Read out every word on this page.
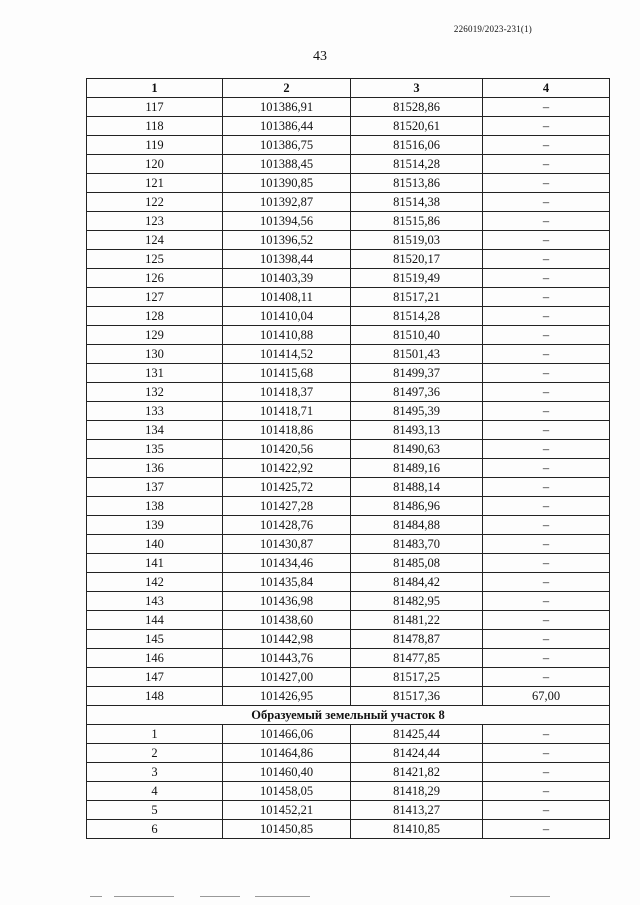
226019/2023-231(1)
43
1	2	3	4
117	101386,91	81528,86	–
118	101386,44	81520,61	–
119	101386,75	81516,06	–
120	101388,45	81514,28	–
121	101390,85	81513,86	–
122	101392,87	81514,38	–
123	101394,56	81515,86	–
124	101396,52	81519,03	–
125	101398,44	81520,17	–
126	101403,39	81519,49	–
127	101408,11	81517,21	–
128	101410,04	81514,28	–
129	101410,88	81510,40	–
130	101414,52	81501,43	–
131	101415,68	81499,37	–
132	101418,37	81497,36	–
133	101418,71	81495,39	–
134	101418,86	81493,13	–
135	101420,56	81490,63	–
136	101422,92	81489,16	–
137	101425,72	81488,14	–
138	101427,28	81486,96	–
139	101428,76	81484,88	–
140	101430,87	81483,70	–
141	101434,46	81485,08	–
142	101435,84	81484,42	–
143	101436,98	81482,95	–
144	101438,60	81481,22	–
145	101442,98	81478,87	–
146	101443,76	81477,85	–
147	101427,00	81517,25	–
148	101426,95	81517,36	67,00
Образуемый земельный участок 8			
1	101466,06	81425,44	–
2	101464,86	81424,44	–
3	101460,40	81421,82	–
4	101458,05	81418,29	–
5	101452,21	81413,27	–
6	101450,85	81410,85	–
